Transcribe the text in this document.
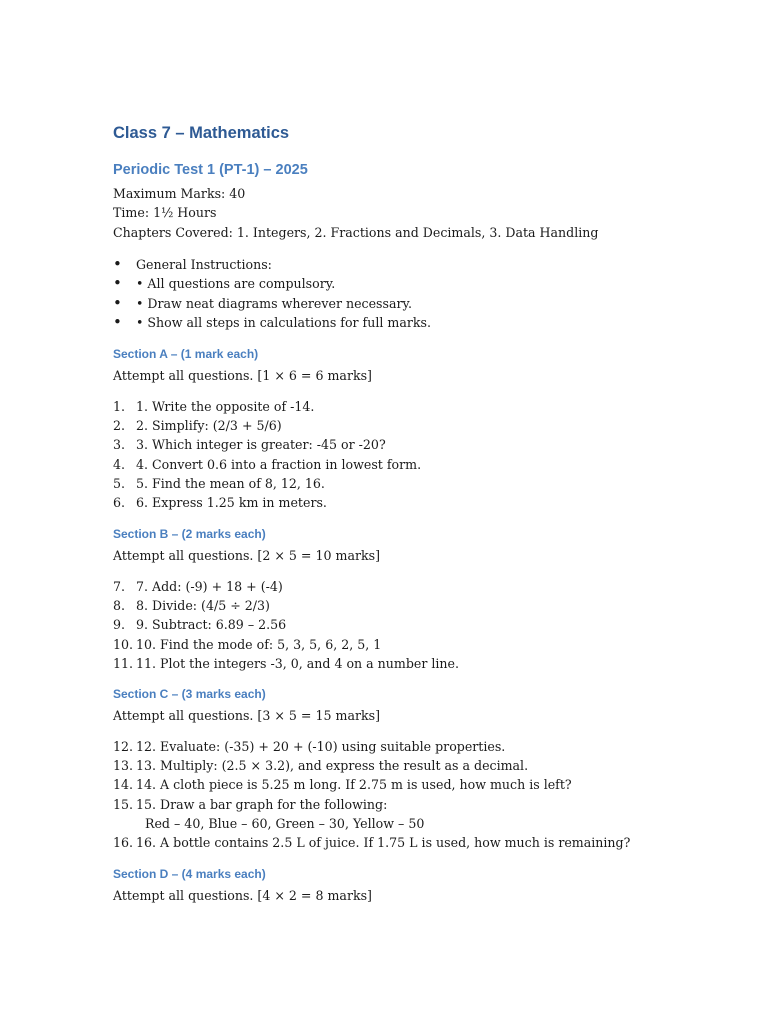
Class 7 – Mathematics
Periodic Test 1 (PT-1) – 2025
Maximum Marks: 40
Time: 1½ Hours
Chapters Covered: 1. Integers, 2. Fractions and Decimals, 3. Data Handling
• General Instructions:
• • All questions are compulsory.
• • Draw neat diagrams wherever necessary.
• • Show all steps in calculations for full marks.
Section A – (1 mark each)
Attempt all questions. [1 × 6 = 6 marks]
1. 1. Write the opposite of -14.
2. 2. Simplify: (2/3 + 5/6)
3. 3. Which integer is greater: -45 or -20?
4. 4. Convert 0.6 into a fraction in lowest form.
5. 5. Find the mean of 8, 12, 16.
6. 6. Express 1.25 km in meters.
Section B – (2 marks each)
Attempt all questions. [2 × 5 = 10 marks]
7. 7. Add: (-9) + 18 + (-4)
8. 8. Divide: (4/5 ÷ 2/3)
9. 9. Subtract: 6.89 – 2.56
10. 10. Find the mode of: 5, 3, 5, 6, 2, 5, 1
11. 11. Plot the integers -3, 0, and 4 on a number line.
Section C – (3 marks each)
Attempt all questions. [3 × 5 = 15 marks]
12. 12. Evaluate: (-35) + 20 + (-10) using suitable properties.
13. 13. Multiply: (2.5 × 3.2), and express the result as a decimal.
14. 14. A cloth piece is 5.25 m long. If 2.75 m is used, how much is left?
15. 15. Draw a bar graph for the following:
Red – 40, Blue – 60, Green – 30, Yellow – 50
16. 16. A bottle contains 2.5 L of juice. If 1.75 L is used, how much is remaining?
Section D – (4 marks each)
Attempt all questions. [4 × 2 = 8 marks]
